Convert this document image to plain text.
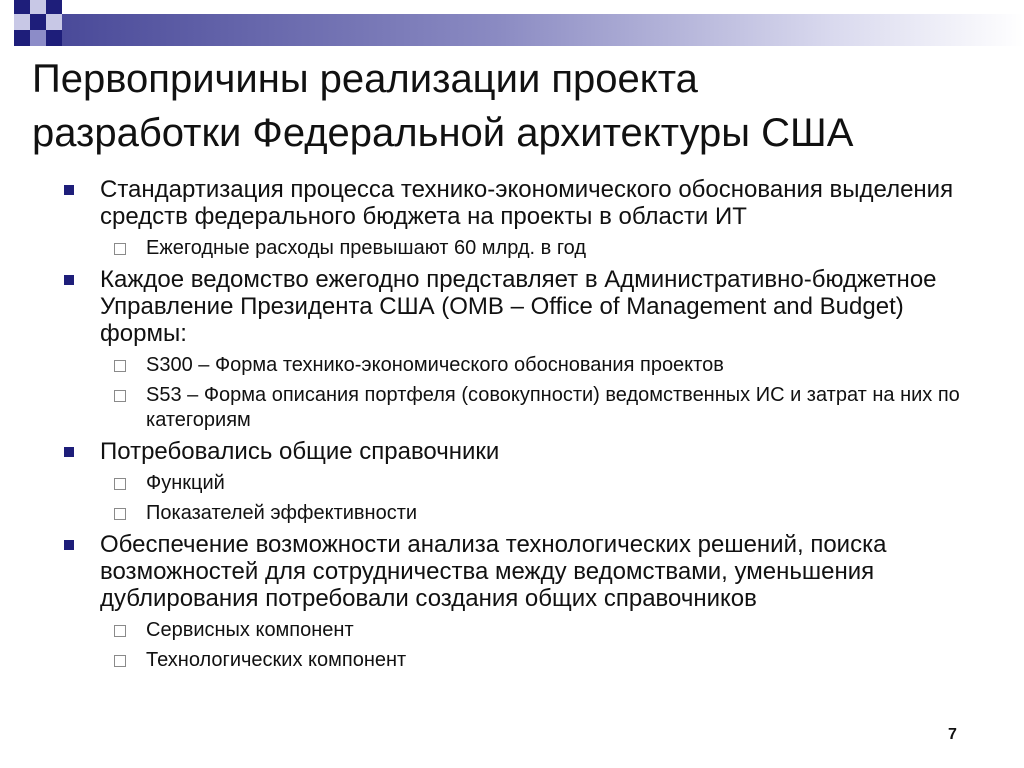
Первопричины реализации проекта
разработки Федеральной архитектуры США
Стандартизация процесса технико-экономического обоснования выделения средств федерального бюджета на проекты в области ИТ
Ежегодные расходы превышают 60 млрд. в год
Каждое ведомство ежегодно представляет в Административно-бюджетное Управление Президента США (OMB – Office of Management and Budget) формы:
S300 – Форма технико-экономического обоснования проектов
S53 – Форма описания портфеля (совокупности) ведомственных ИС и затрат на них по категориям
Потребовались общие справочники
Функций
Показателей эффективности
Обеспечение возможности анализа технологических решений, поиска возможностей для сотрудничества между ведомствами, уменьшения дублирования потребовали создания общих справочников
Сервисных компонент
Технологических компонент
7
